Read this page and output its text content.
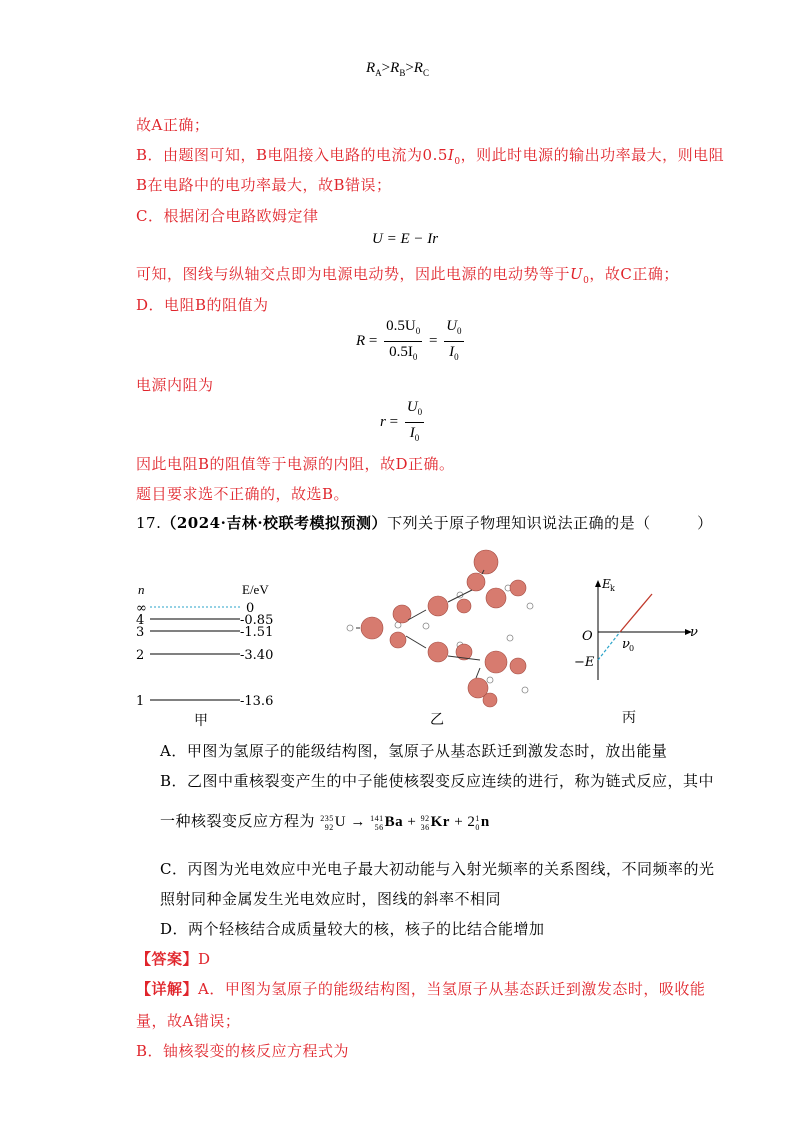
$R_A>R_B>R_C$
故A正确；
B．由题图可知，B电阻接入电路的电流为$0.5I_0$，则此时电源的输出功率最大，则电阻
B在电路中的电功率最大，故B错误；
C．根据闭合电路欧姆定律
U = E − Ir
可知，图线与纵轴交点即为电源电动势，因此电源的电动势等于$U_0$，故C正确；
D．电阻B的阻值为
$R = \frac{0.5U_0}{0.5I_0} = \frac{U_0}{I_0}$
电源内阻为
$r = \frac{U_0}{I_0}$
因此电阻B的阻值等于电源的内阻，故D正确。
题目要求选不正确的，故选B。
17.（2024·吉林·校联考模拟预测）下列关于原子物理知识说法正确的是（　　　）
n	E/eV
∞	0
4	-0.85
3	-1.51
2	-3.40
1	-13.6
甲	乙
E k
ν
O
ν 0
−E
丙
A．甲图为氢原子的能级结构图，氢原子从基态跃迁到激发态时，放出能量
B．乙图中重核裂变产生的中子能使核裂变反应连续的进行，称为链式反应，其中
一种核裂变反应方程为 235
92 U → 141
56 Ba + 92
36 Kr + 2 1
0 n
C．丙图为光电效应中光电子最大初动能与入射光频率的关系图线，不同频率的光
照射同种金属发生光电效应时，图线的斜率不相同
D．两个轻核结合成质量较大的核，核子的比结合能增加
【答案】D
【详解】A．甲图为氢原子的能级结构图，当氢原子从基态跃迁到激发态时，吸收能
量，故A错误；
B．铀核裂变的核反应方程式为
